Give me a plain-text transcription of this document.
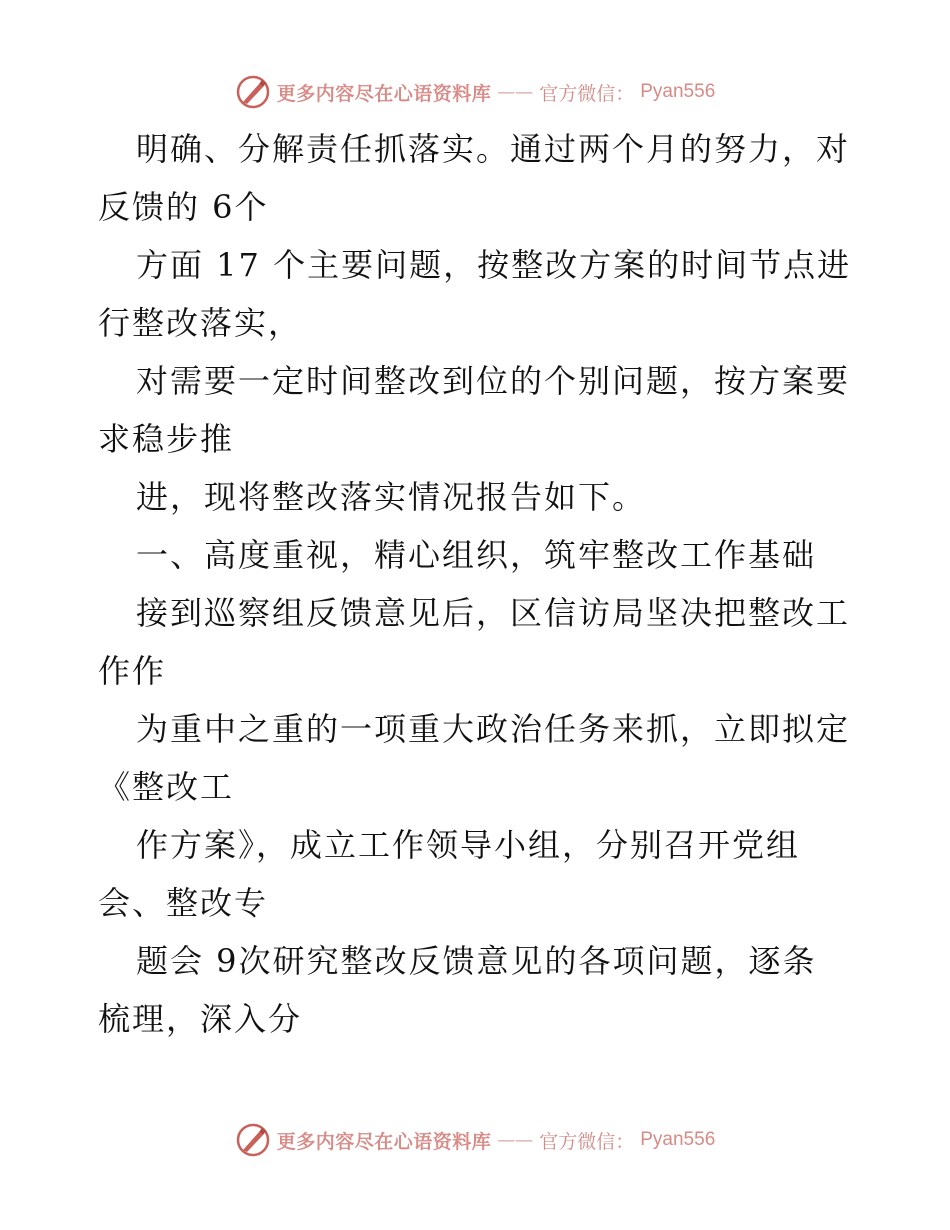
更多内容尽在心语资料库 —— 官方微信： Pyan556
明确、分解责任抓落实。通过两个月的努力，对
反馈的 6个
方面 17 个主要问题，按整改方案的时间节点进
行整改落实，
对需要一定时间整改到位的个别问题，按方案要
求稳步推
进，现将整改落实情况报告如下。
一、高度重视，精心组织，筑牢整改工作基础
接到巡察组反馈意见后，区信访局坚决把整改工
作作
为重中之重的一项重大政治任务来抓，立即拟定
《整改工
作方案》，成立工作领导小组，分别召开党组
会、整改专
题会 9次研究整改反馈意见的各项问题，逐条
梳理，深入分
更多内容尽在心语资料库 —— 官方微信： Pyan556
